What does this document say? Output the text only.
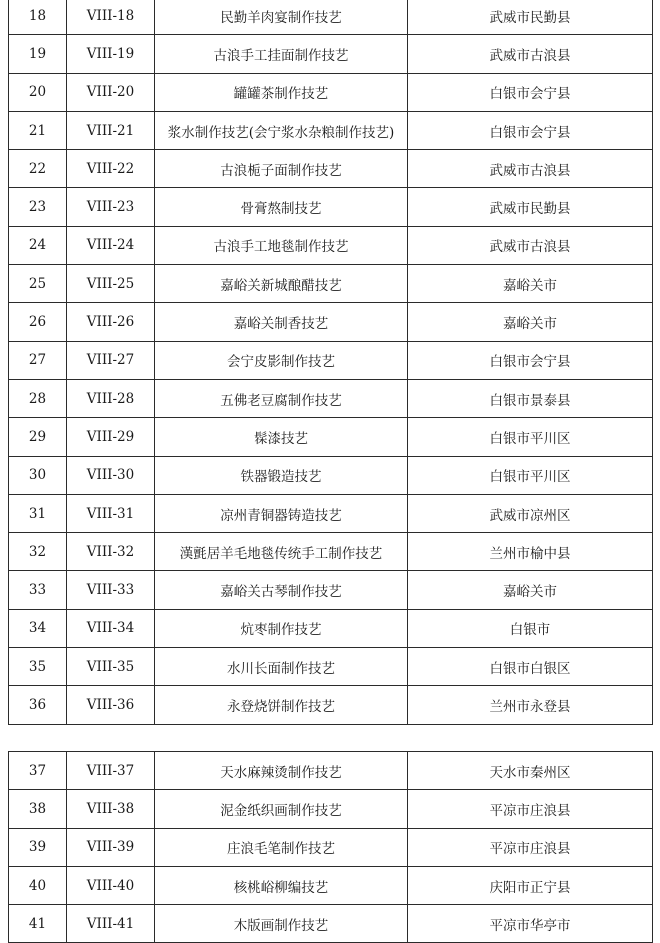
18	VIII-18	民勤羊肉宴制作技艺	武威市民勤县
19	VIII-19	古浪手工挂面制作技艺	武威市古浪县
20	VIII-20	罐罐茶制作技艺	白银市会宁县
21	VIII-21	浆水制作技艺(会宁浆水杂粮制作技艺)	白银市会宁县
22	VIII-22	古浪栀子面制作技艺	武威市古浪县
23	VIII-23	骨膏熬制技艺	武威市民勤县
24	VIII-24	古浪手工地毯制作技艺	武威市古浪县
25	VIII-25	嘉峪关新城酿醋技艺	嘉峪关市
26	VIII-26	嘉峪关制香技艺	嘉峪关市
27	VIII-27	会宁皮影制作技艺	白银市会宁县
28	VIII-28	五佛老豆腐制作技艺	白银市景泰县
29	VIII-29	髹漆技艺	白银市平川区
30	VIII-30	铁器锻造技艺	白银市平川区
31	VIII-31	凉州青铜器铸造技艺	武威市凉州区
32	VIII-32	漢氈居羊毛地毯传统手工制作技艺	兰州市榆中县
33	VIII-33	嘉峪关古琴制作技艺	嘉峪关市
34	VIII-34	炕枣制作技艺	白银市
35	VIII-35	水川长面制作技艺	白银市白银区
36	VIII-36	永登烧饼制作技艺	兰州市永登县
37	VIII-37	天水麻辣烫制作技艺	天水市秦州区
38	VIII-38	泥金纸织画制作技艺	平凉市庄浪县
39	VIII-39	庄浪毛笔制作技艺	平凉市庄浪县
40	VIII-40	核桃峪柳编技艺	庆阳市正宁县
41	VIII-41	木版画制作技艺	平凉市华亭市
